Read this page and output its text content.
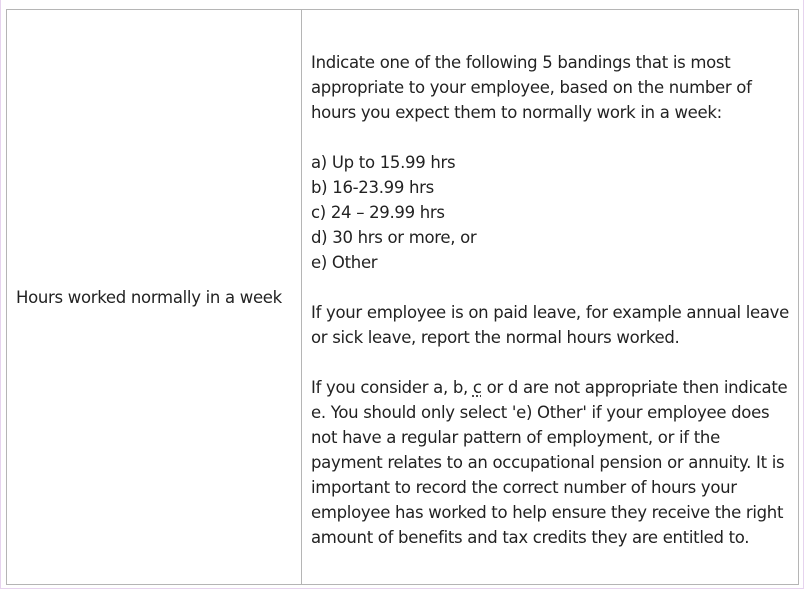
Hours worked normally in a week	

Indicate one of the following 5 bandings that is most appropriate to your employee, based on the number of hours you expect them to normally work in a week:

a) Up to 15.99 hrs
b) 16-23.99 hrs
c) 24 – 29.99 hrs
d) 30 hrs or more, or
e) Other

If your employee is on paid leave, for example annual leave or sick leave, report the normal hours worked.

If you consider a, b, c or d are not appropriate then indicate e. You should only select 'e) Other' if your employee does not have a regular pattern of employment, or if the payment relates to an occupational pension or annuity. It is important to record the correct number of hours your employee has worked to help ensure they receive the right amount of benefits and tax credits they are entitled to.
